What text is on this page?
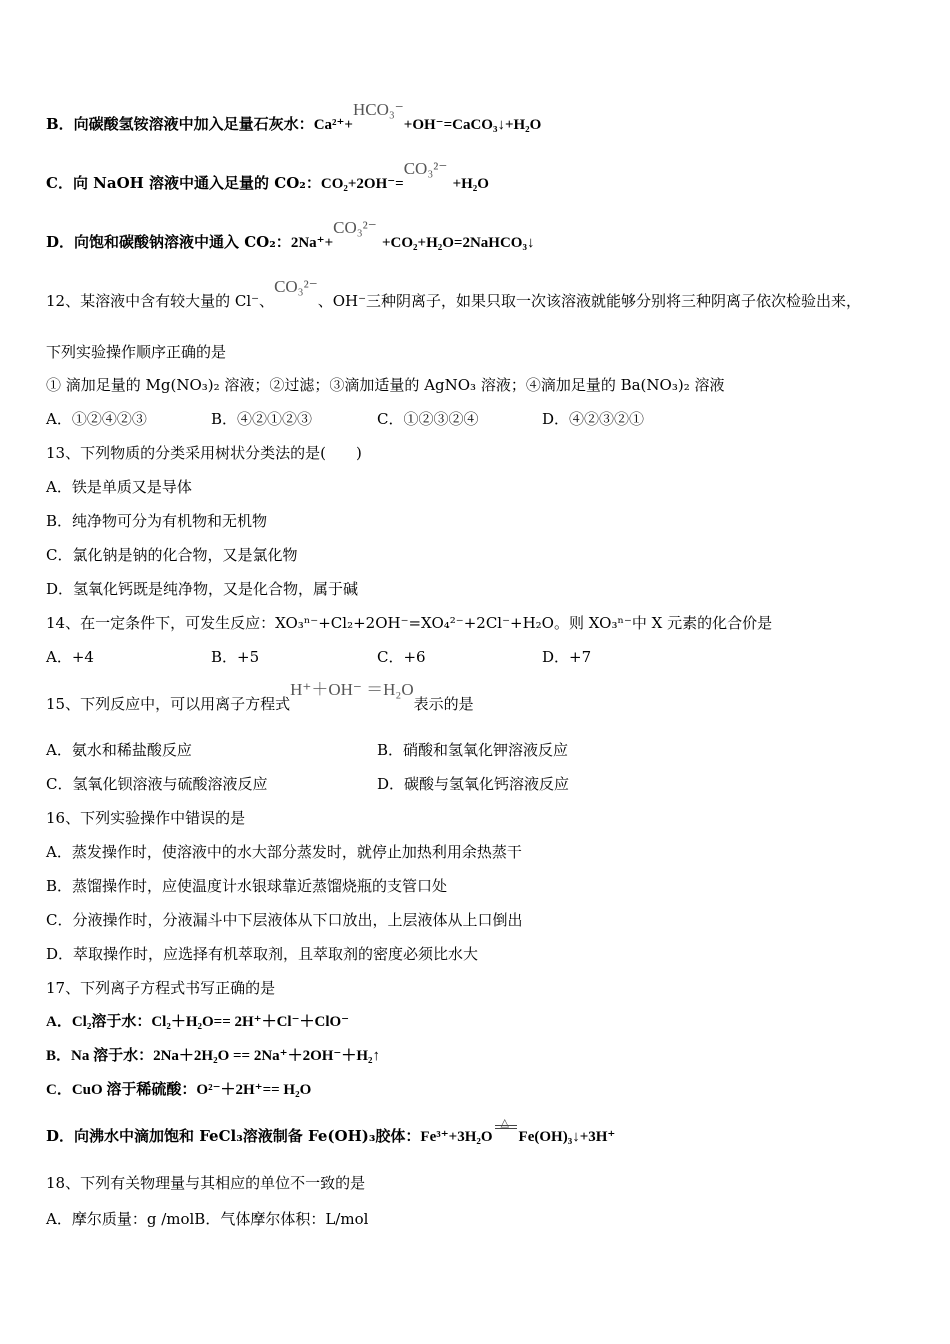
B．向碳酸氢铵溶液中加入足量石灰水：Ca²⁺+HCO₃⁻+OH⁻=CaCO₃↓+H₂O
C．向 NaOH 溶液中通入足量的 CO₂：CO₂+2OH⁻=CO₃²⁻ +H₂O
D．向饱和碳酸钠溶液中通入 CO₂：2Na⁺+CO₃²⁻ +CO₂+H₂O=2NaHCO₃↓
12、某溶液中含有较大量的 Cl⁻、CO₃²⁻、OH⁻三种阴离子，如果只取一次该溶液就能够分别将三种阴离子依次检验出来，
下列实验操作顺序正确的是
① 滴加足量的 Mg(NO₃)₂ 溶液；②过滤；③滴加适量的 AgNO₃ 溶液；④滴加足量的 Ba(NO₃)₂ 溶液
A．①②④②③	B．④②①②③	C．①②③②④	D．④②③②①
13、下列物质的分类采用树状分类法的是(　　)
A．铁是单质又是导体
B．纯净物可分为有机物和无机物
C．氯化钠是钠的化合物，又是氯化物
D．氢氧化钙既是纯净物，又是化合物，属于碱
14、在一定条件下，可发生反应：XO₃ⁿ⁻+Cl₂+2OH⁻=XO₄²⁻+2Cl⁻+H₂O。则 XO₃ⁿ⁻中 X 元素的化合价是
A．+4	B．+5	C．+6	D．+7
15、下列反应中，可以用离子方程式H⁺＋OH⁻ ＝H₂O表示的是
A．氨水和稀盐酸反应	B．硝酸和氢氧化钾溶液反应
C．氢氧化钡溶液与硫酸溶液反应	D．碳酸与氢氧化钙溶液反应
16、下列实验操作中错误的是
A．蒸发操作时，使溶液中的水大部分蒸发时，就停止加热利用余热蒸干
B．蒸馏操作时，应使温度计水银球靠近蒸馏烧瓶的支管口处
C．分液操作时，分液漏斗中下层液体从下口放出，上层液体从上口倒出
D．萃取操作时，应选择有机萃取剂，且萃取剂的密度必须比水大
17、下列离子方程式书写正确的是
A．Cl₂溶于水：Cl₂＋H₂O== 2H⁺＋Cl⁻＋ClO⁻
B．Na 溶于水：2Na＋2H₂O == 2Na⁺＋2OH⁻＋H₂↑
C．CuO 溶于稀硫酸：O²⁻＋2H⁺== H₂O
D．向沸水中滴加饱和 FeCl₃溶液制备 Fe(OH)₃胶体：Fe³⁺+3H₂O
△
Fe(OH)₃↓+3H⁺
18、下列有关物理量与其相应的单位不一致的是
A．摩尔质量：g /molB．气体摩尔体积：L/mol
